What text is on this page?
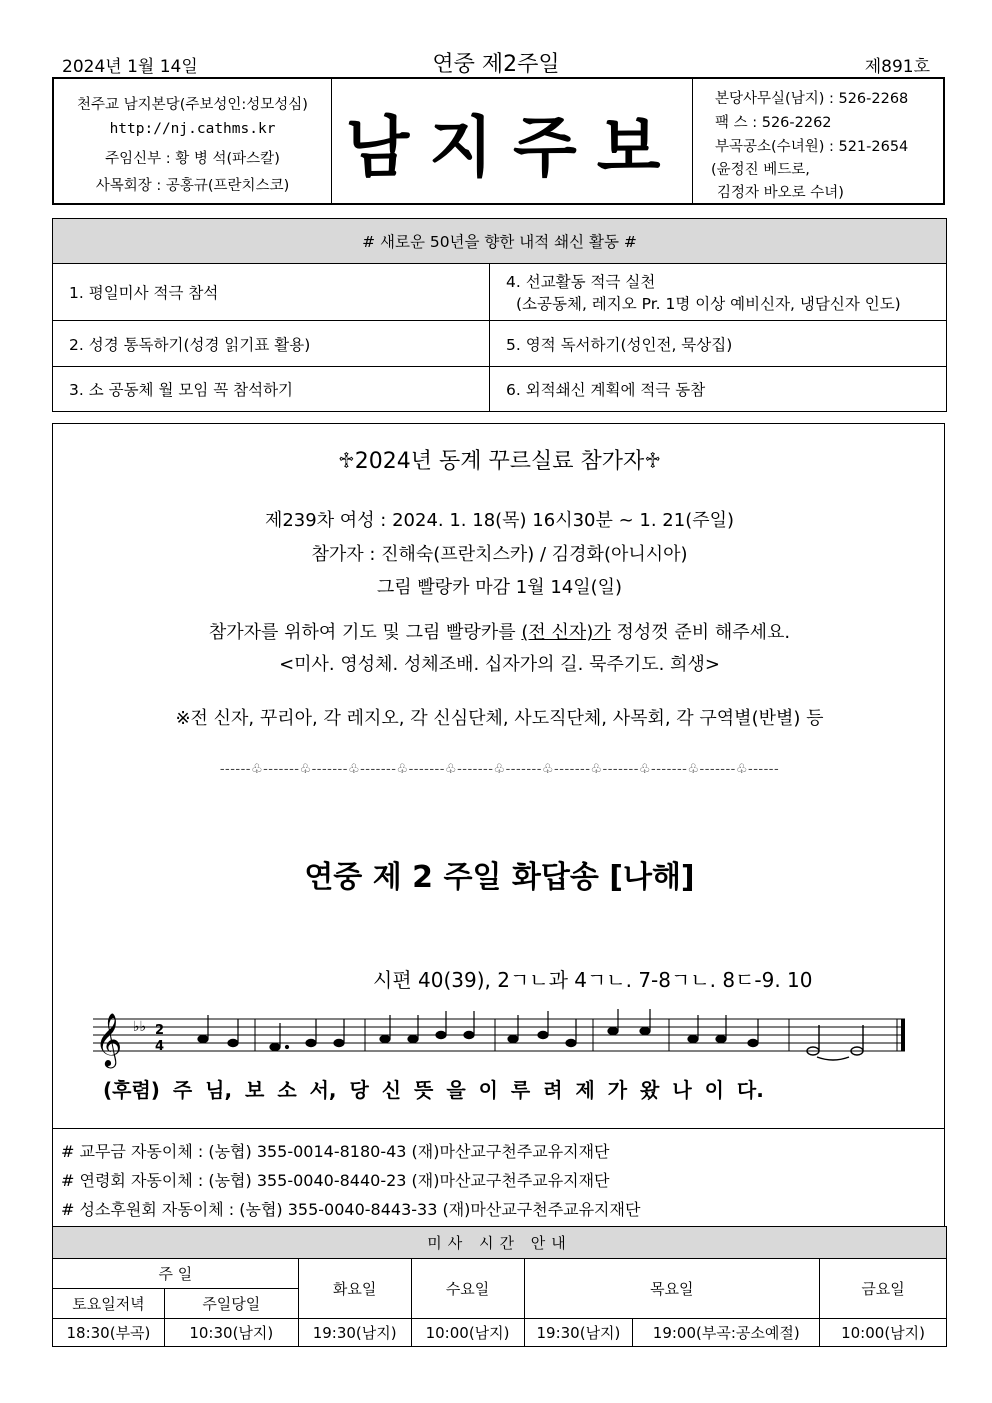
2024년 1월 14일	연중 제2주일	제891호
천주교 남지본당(주보성인:성모성심)
http://nj.cathms.kr
주임신부 : 황 병 석(파스칼)
사목회장 : 공홍규(프란치스코)
남지주보
본당사무실(남지) : 526-2268
팩 스 : 526-2262
부곡공소(수녀원) : 521-2654
(윤정진 베드로,
김정자 바오로 수녀)
# 새로운 50년을 향한 내적 쇄신 활동 #	
1. 평일미사 적극 참석	4. 선교활동 적극 실천
(소공동체, 레지오 Pr. 1명 이상 예비신자, 냉담신자 인도)

2. 성경 통독하기(성경 읽기표 활용)	5. 영적 독서하기(성인전, 묵상집)
3. 소 공동체 월 모임 꼭 참석하기	6. 외적쇄신 계획에 적극 동참
♱2024년 동계 꾸르실료 참가자♱
제239차 여성 : 2024. 1. 18(목) 16시30분 ~ 1. 21(주일)
참가자 : 진해숙(프란치스카) / 김경화(아니시아)
그림 빨랑카 마감 1월 14일(일)
참가자를 위하여 기도 및 그림 빨랑카를 (전 신자)가 정성껏 준비 해주세요.
<미사. 영성체. 성체조배. 십자가의 길. 묵주기도. 희생>
※전 신자, 꾸리아, 각 레지오, 각 신심단체, 사도직단체, 사목회, 각 구역별(반별) 등
------♧-------♧-------♧-------♧-------♧-------♧-------♧-------♧-------♧-------♧-------♧------
연중 제 2 주일 화답송 [나해]
시편 40(39), 2ㄱㄴ과 4ㄱㄴ. 7-8ㄱㄴ. 8ㄷ-9. 10
𝄞 ♭♭ 2
4
(후렴) 주 님, 보 소 서, 당 신 뜻 을 이 루 려 제 가 왔 나 이 다.
# 교무금 자동이체 : (농협) 355-0014-8180-43 (재)마산교구천주교유지재단
# 연령회 자동이체 : (농협) 355-0040-8440-23 (재)마산교구천주교유지재단
# 성소후원회 자동이체 : (농협) 355-0040-8443-33 (재)마산교구천주교유지재단
미사 시간 안내						
주 일		화요일	수요일	목요일		금요일
토요일저녁	주일당일					
18:30(부곡)	10:30(남지)	19:30(남지)	10:00(남지)	19:30(남지)	19:00(부곡:공소예절)	10:00(남지)
